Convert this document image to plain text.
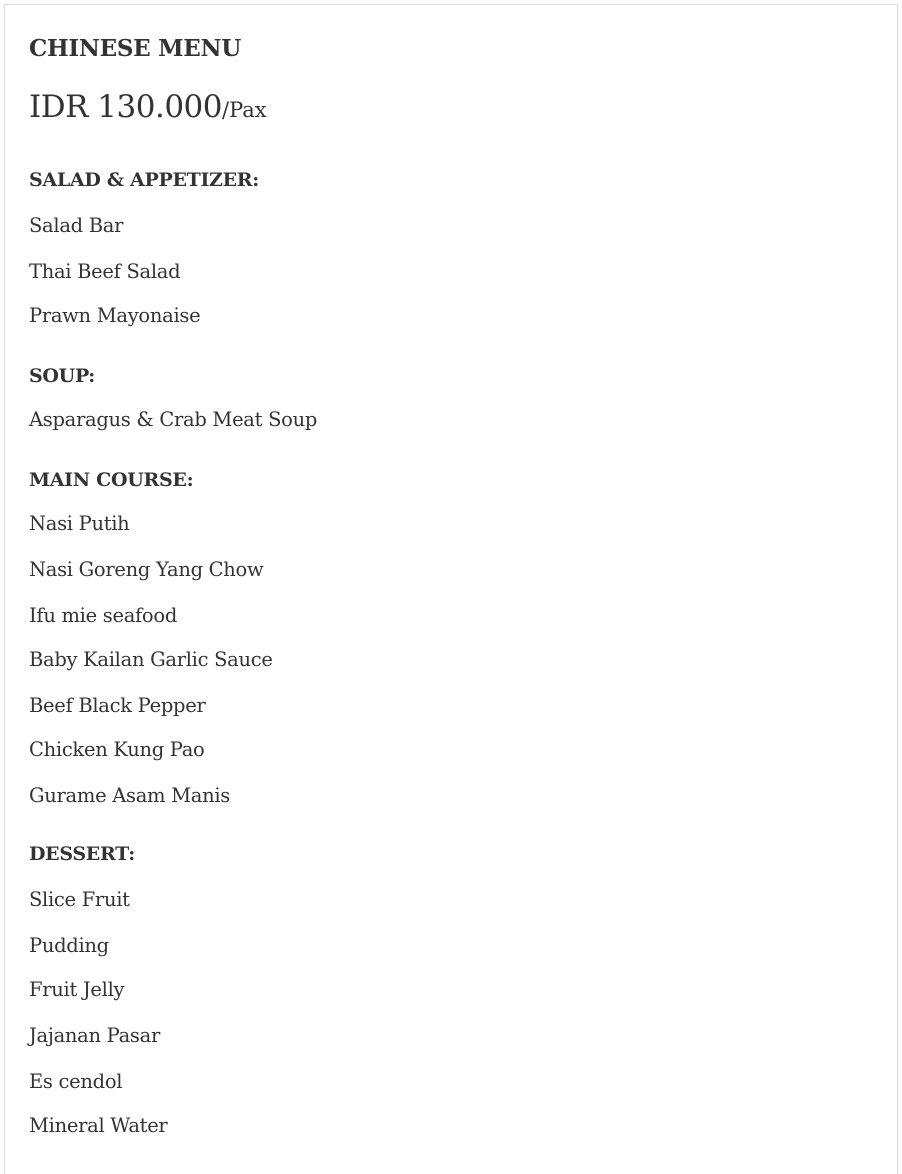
CHINESE MENU
IDR 130.000/Pax
SALAD & APPETIZER:
Salad Bar
Thai Beef Salad
Prawn Mayonaise
SOUP:
Asparagus & Crab Meat Soup
MAIN COURSE:
Nasi Putih
Nasi Goreng Yang Chow
Ifu mie seafood
Baby Kailan Garlic Sauce
Beef Black Pepper
Chicken Kung Pao
Gurame Asam Manis
DESSERT:
Slice Fruit
Pudding
Fruit Jelly
Jajanan Pasar
Es cendol
Mineral Water
